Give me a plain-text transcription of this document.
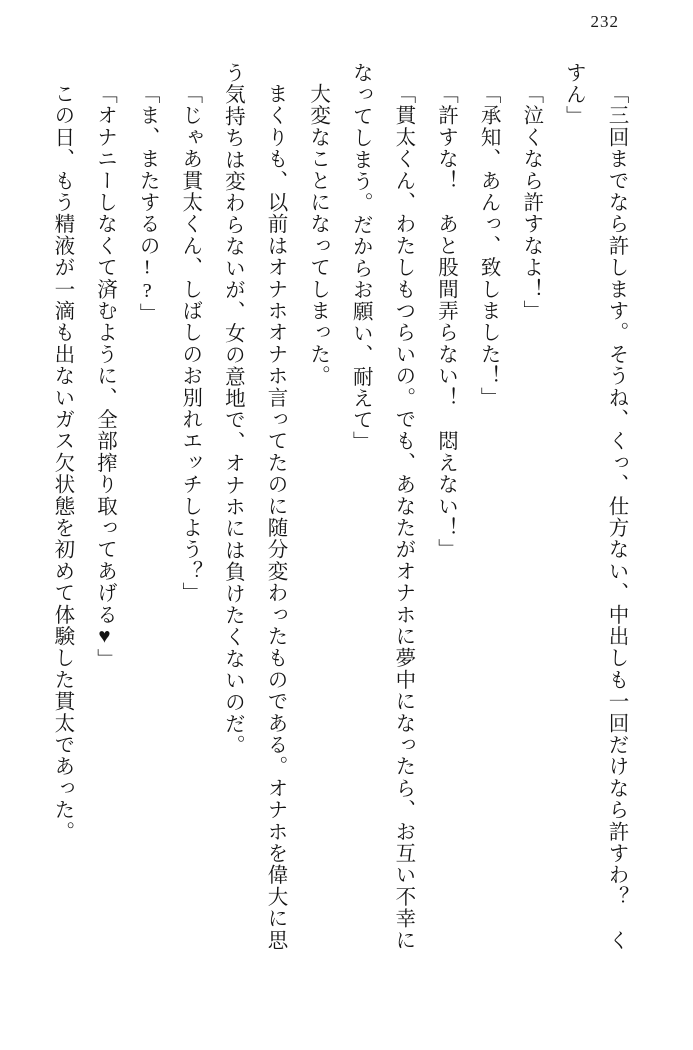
232

「三回までなら許します。そうね、くっ、仕方ない、中出しも一回だけなら許すわ？　くすん」

「泣くなら許すなよ！」

「承知、あんっ、致しました！」

「許すな！　あと股間弄らない！　悶えない！」

「貫太くん、わたしもつらいの。でも、あなたがオナホに夢中になったら、お互い不幸になってしまう。だからお願い、耐えて」

大変なことになってしまった。

まくりも、以前はオナホオナホ言ってたのに随分変わったものである。オナホを偉大に思う気持ちは変わらないが、女の意地で、オナホには負けたくないのだ。

「じゃあ貫太くん、しばしのお別れエッチしよう？」

「ま、またするの!?」

「オナニーしなくて済むように、全部搾り取ってあげる♥」

この日、もう精液が一滴も出ないガス欠状態を初めて体験した貫太であった。
